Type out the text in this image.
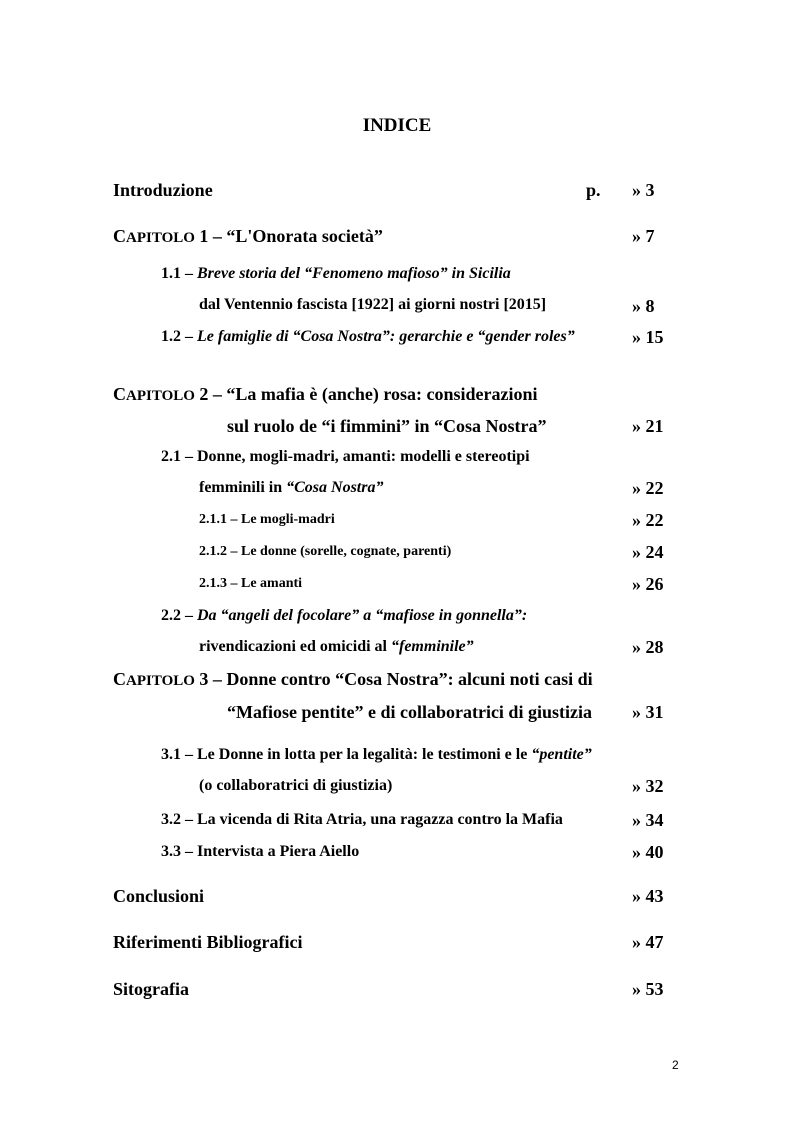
INDICE
Introduzione	p. » 3
CAPITOLO 1 – “L'Onorata società”	» 7
1.1 – Breve storia del “Fenomeno mafioso” in Sicilia
dal Ventennio fascista [1922] ai giorni nostri [2015]	» 8
1.2 – Le famiglie di “Cosa Nostra”: gerarchie e “gender roles”	» 15
CAPITOLO 2 – “La mafia è (anche) rosa: considerazioni
sul ruolo de “i fimmini” in “Cosa Nostra”	» 21
2.1 – Donne, mogli-madri, amanti: modelli e stereotipi
femminili in “Cosa Nostra”	» 22
2.1.1 – Le mogli-madri	» 22
2.1.2 – Le donne (sorelle, cognate, parenti)	» 24
2.1.3 – Le amanti	» 26
2.2 – Da “angeli del focolare” a “mafiose in gonnella”:
rivendicazioni ed omicidi al “femminile”	» 28
CAPITOLO 3 – Donne contro “Cosa Nostra”: alcuni noti casi di
“Mafiose pentite” e di collaboratrici di giustizia » 31
3.1 – Le Donne in lotta per la legalità: le testimoni e le “pentite”
(o collaboratrici di giustizia)	» 32
3.2 – La vicenda di Rita Atria, una ragazza contro la Mafia	» 34
3.3 – Intervista a Piera Aiello	» 40
Conclusioni	» 43
Riferimenti Bibliografici	» 47
Sitografia	» 53
2
